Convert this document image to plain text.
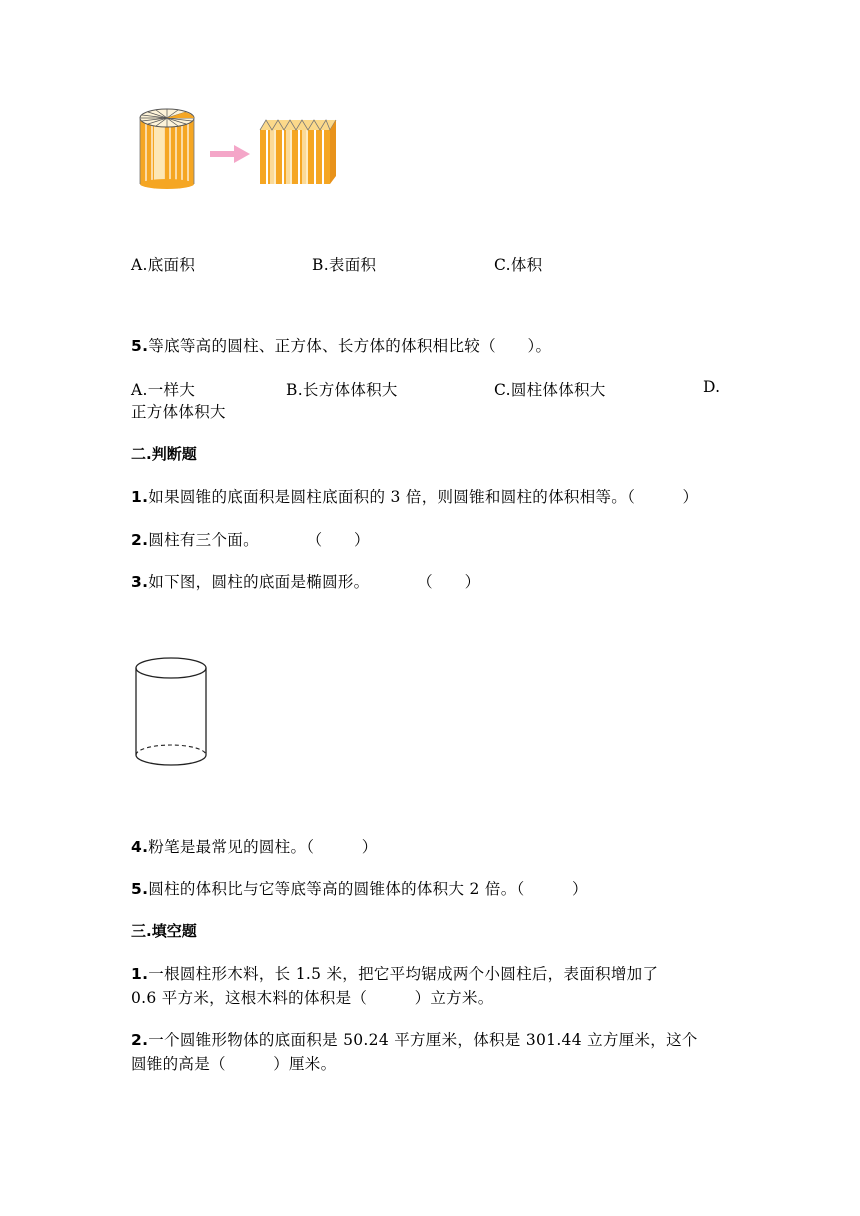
A.底面积	B.表面积	C.体积
5.等底等高的圆柱、正方体、长方体的体积相比较（　　）。
A.一样大	B.长方体体积大	C.圆柱体体积大	D.
正方体体积大
二.判断题
1.如果圆锥的底面积是圆柱底面积的 3 倍，则圆锥和圆柱的体积相等。（　　　）
2.圆柱有三个面。　　　　（　　）
3.如下图，圆柱的底面是椭圆形。　　　　（　　）
4.粉笔是最常见的圆柱。（　　　）
5.圆柱的体积比与它等底等高的圆锥体的体积大 2 倍。（　　　）
三.填空题
1.一根圆柱形木料，长 1.5 米，把它平均锯成两个小圆柱后，表面积增加了
0.6 平方米，这根木料的体积是（　　　）立方米。
2.一个圆锥形物体的底面积是 50.24 平方厘米，体积是 301.44 立方厘米，这个
圆锥的高是（　　　）厘米。
